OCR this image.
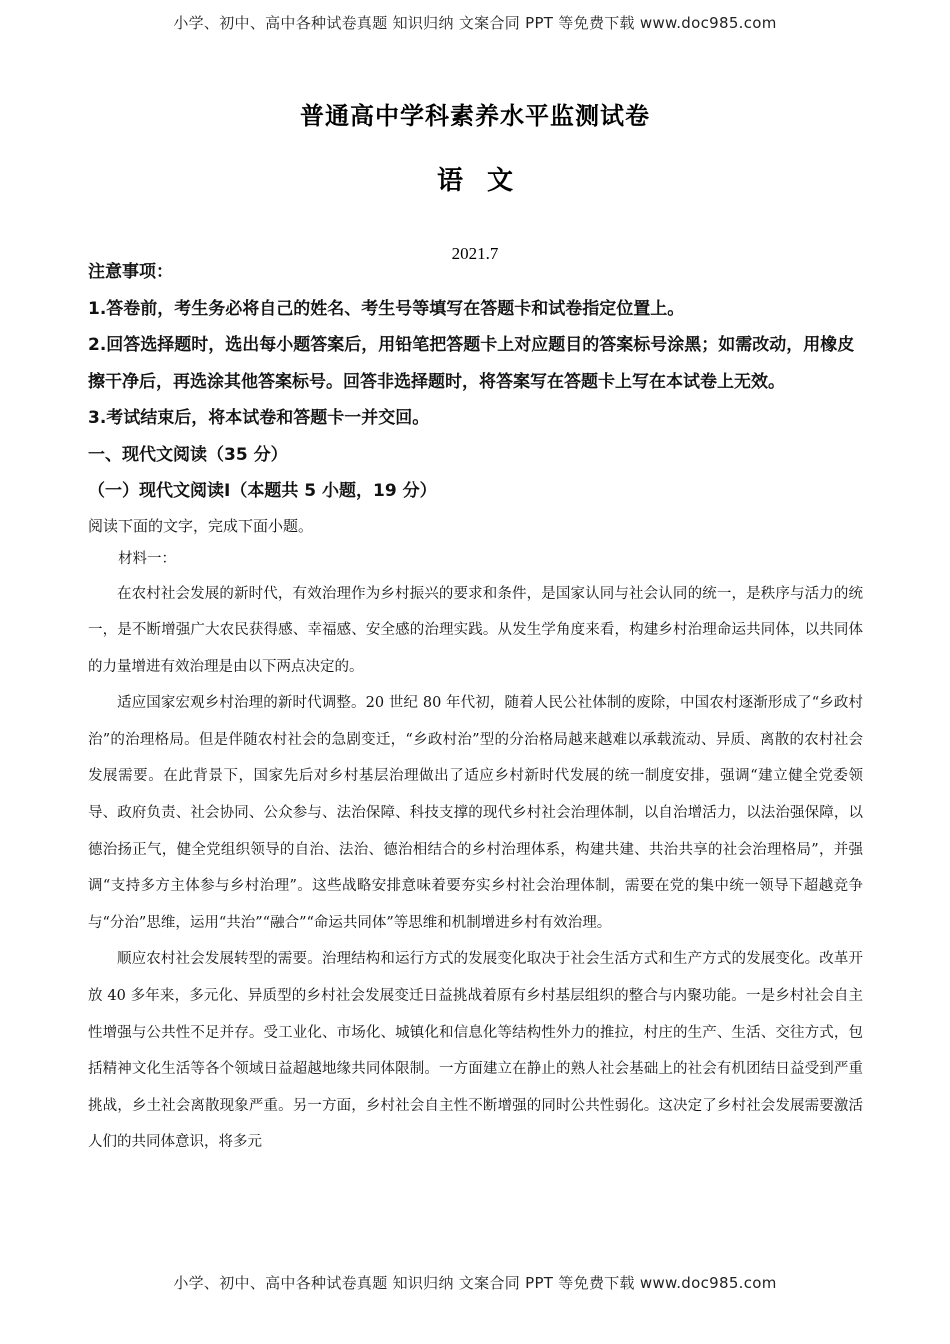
小学、初中、高中各种试卷真题 知识归纳 文案合同 PPT 等免费下载 www.doc985.com
普通高中学科素养水平监测试卷
语文
2021.7

注意事项：

1.答卷前，考生务必将自己的姓名、考生号等填写在答题卡和试卷指定位置上。

2.回答选择题时，选出每小题答案后，用铅笔把答题卡上对应题目的答案标号涂黑；如需改动，用橡皮擦干净后，再选涂其他答案标号。回答非选择题时，将答案写在答题卡上写在本试卷上无效。

3.考试结束后，将本试卷和答题卡一并交回。

一、现代文阅读（35 分）

（一）现代文阅读Ⅰ（本题共 5 小题，19 分）

阅读下面的文字，完成下面小题。

材料一：

在农村社会发展的新时代，有效治理作为乡村振兴的要求和条件，是国家认同与社会认同的统一，是秩序与活力的统一，是不断增强广大农民获得感、幸福感、安全感的治理实践。从发生学角度来看，构建乡村治理命运共同体，以共同体的力量增进有效治理是由以下两点决定的。

适应国家宏观乡村治理的新时代调整。20 世纪 80 年代初，随着人民公社体制的废除，中国农村逐渐形成了“乡政村治”的治理格局。但是伴随农村社会的急剧变迁，“乡政村治”型的分治格局越来越难以承载流动、异质、离散的农村社会发展需要。在此背景下，国家先后对乡村基层治理做出了适应乡村新时代发展的统一制度安排，强调“建立健全党委领导、政府负责、社会协同、公众参与、法治保障、科技支撑的现代乡村社会治理体制，以自治增活力，以法治强保障，以德治扬正气，健全党组织领导的自治、法治、德治相结合的乡村治理体系，构建共建、共治共享的社会治理格局”，并强调“支持多方主体参与乡村治理”。这些战略安排意味着要夯实乡村社会治理体制，需要在党的集中统一领导下超越竞争与“分治”思维，运用“共治”“融合”“命运共同体”等思维和机制增进乡村有效治理。

顺应农村社会发展转型的需要。治理结构和运行方式的发展变化取决于社会生活方式和生产方式的发展变化。改革开放 40 多年来，多元化、异质型的乡村社会发展变迁日益挑战着原有乡村基层组织的整合与内聚功能。一是乡村社会自主性增强与公共性不足并存。受工业化、市场化、城镇化和信息化等结构性外力的推拉，村庄的生产、生活、交往方式，包括精神文化生活等各个领域日益超越地缘共同体限制。一方面建立在静止的熟人社会基础上的社会有机团结日益受到严重挑战，乡土社会离散现象严重。另一方面，乡村社会自主性不断增强的同时公共性弱化。这决定了乡村社会发展需要激活人们的共同体意识，将多元

小学、初中、高中各种试卷真题 知识归纳 文案合同 PPT 等免费下载 www.doc985.com
